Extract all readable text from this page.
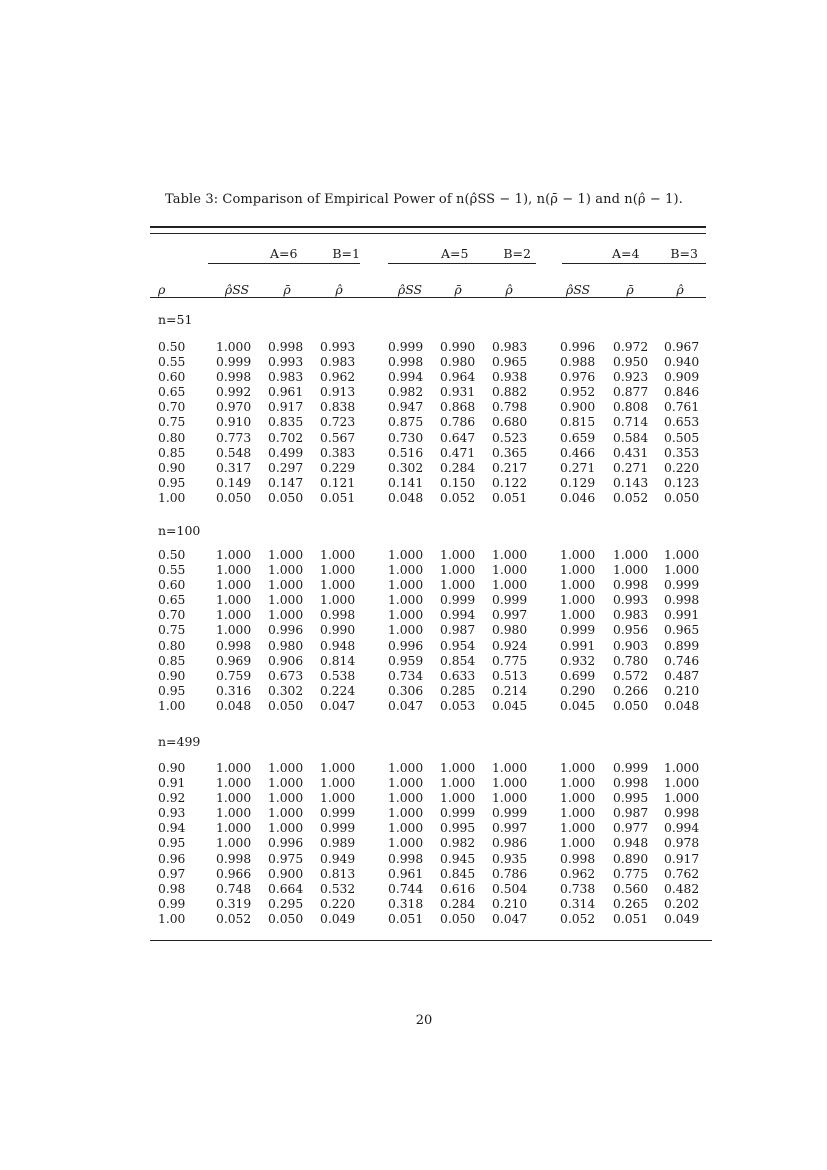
Table 3: Comparison of Empirical Power of n(ρ̂SS − 1), n(ρ̄ − 1) and n(ρ̂ − 1).
A=6	B=1	A=5	B=2	A=4 B=3
ρ	ρ̂SS	ρ̄	ρ̂	ρ̂SS	ρ̄	ρ̂	ρ̂SS	ρ̄	ρ̂
n=51
0.50	1.000	0.998	0.993	0.999	0.990	0.983	0.996	0.972	0.967
0.55	0.999	0.993	0.983	0.998	0.980	0.965	0.988	0.950	0.940
0.60	0.998	0.983	0.962	0.994	0.964	0.938	0.976	0.923	0.909
0.65	0.992	0.961	0.913	0.982	0.931	0.882	0.952	0.877	0.846
0.70	0.970	0.917	0.838	0.947	0.868	0.798	0.900	0.808	0.761
0.75	0.910	0.835	0.723	0.875	0.786	0.680	0.815	0.714	0.653
0.80	0.773	0.702	0.567	0.730	0.647	0.523	0.659	0.584	0.505
0.85	0.548	0.499	0.383	0.516	0.471	0.365	0.466	0.431	0.353
0.90	0.317	0.297	0.229	0.302	0.284	0.217	0.271	0.271	0.220
0.95	0.149	0.147	0.121	0.141	0.150	0.122	0.129	0.143	0.123
1.00	0.050	0.050	0.051	0.048	0.052	0.051	0.046	0.052	0.050
n=100
0.50	1.000	1.000	1.000	1.000	1.000	1.000	1.000	1.000	1.000
0.55	1.000	1.000	1.000	1.000	1.000	1.000	1.000	1.000	1.000
0.60	1.000	1.000	1.000	1.000	1.000	1.000	1.000	0.998	0.999
0.65	1.000	1.000	1.000	1.000	0.999	0.999	1.000	0.993	0.998
0.70	1.000	1.000	0.998	1.000	0.994	0.997	1.000	0.983	0.991
0.75	1.000	0.996	0.990	1.000	0.987	0.980	0.999	0.956	0.965
0.80	0.998	0.980	0.948	0.996	0.954	0.924	0.991	0.903	0.899
0.85	0.969	0.906	0.814	0.959	0.854	0.775	0.932	0.780	0.746
0.90	0.759	0.673	0.538	0.734	0.633	0.513	0.699	0.572	0.487
0.95	0.316	0.302	0.224	0.306	0.285	0.214	0.290	0.266	0.210
1.00	0.048	0.050	0.047	0.047	0.053	0.045	0.045	0.050	0.048
n=499
0.90	1.000	1.000	1.000	1.000	1.000	1.000	1.000	0.999	1.000
0.91	1.000	1.000	1.000	1.000	1.000	1.000	1.000	0.998	1.000
0.92	1.000	1.000	1.000	1.000	1.000	1.000	1.000	0.995	1.000
0.93	1.000	1.000	0.999	1.000	0.999	0.999	1.000	0.987	0.998
0.94	1.000	1.000	0.999	1.000	0.995	0.997	1.000	0.977	0.994
0.95	1.000	0.996	0.989	1.000	0.982	0.986	1.000	0.948	0.978
0.96	0.998	0.975	0.949	0.998	0.945	0.935	0.998	0.890	0.917
0.97	0.966	0.900	0.813	0.961	0.845	0.786	0.962	0.775	0.762
0.98	0.748	0.664	0.532	0.744	0.616	0.504	0.738	0.560	0.482
0.99	0.319	0.295	0.220	0.318	0.284	0.210	0.314	0.265	0.202
1.00	0.052	0.050	0.049	0.051	0.050	0.047	0.052	0.051	0.049
20
